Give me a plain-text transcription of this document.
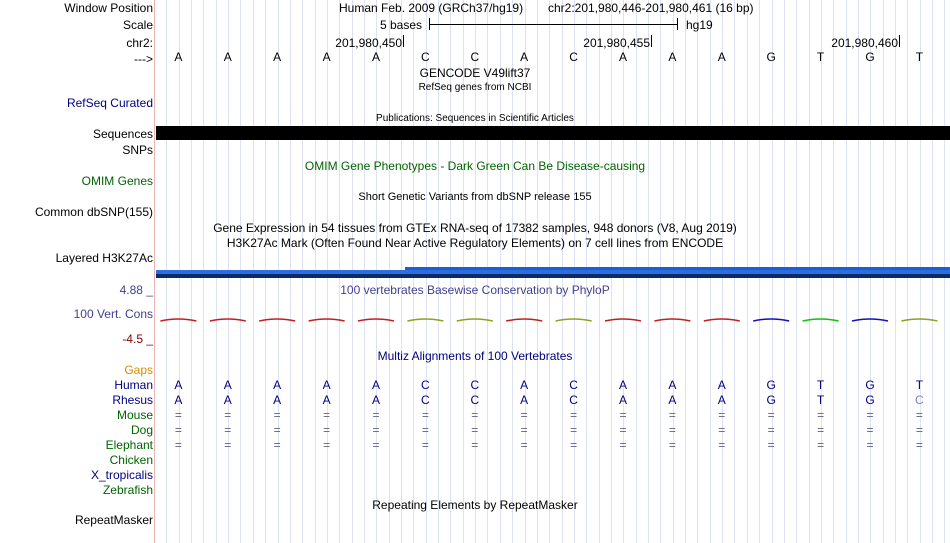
Window Position	Human Feb. 2009 (GRCh37/hg19) chr2:201,980,446-201,980,461 (16 bp)
Scale	5 bases	hg19
chr2:	201,980,450	201,980,455	201,980,460
--->	A	A	A	A	A	C	C	A	C	A	A	A	G	T	G	T
GENCODE V49lift37
RefSeq genes from NCBI
RefSeq Curated
Publications: Sequences in Scientific Articles
Sequences
SNPs
OMIM Gene Phenotypes - Dark Green Can Be Disease-causing
OMIM Genes
Short Genetic Variants from dbSNP release 155
Common dbSNP(155)
Gene Expression in 54 tissues from GTEx RNA-seq of 17382 samples, 948 donors (V8, Aug 2019)
H3K27Ac Mark (Often Found Near Active Regulatory Elements) on 7 cell lines from ENCODE
Layered H3K27Ac
4.88 _	100 vertebrates Basewise Conservation by PhyloP
100 Vert. Cons
-4.5 _
Multiz Alignments of 100 Vertebrates
Gaps
Human	A	A	A	A	A	C	C	A	C	A	A	A	G	T	G	T
Rhesus	A	A	A	A	A	C	C	A	C	A	A	A	G	T	G	C
Mouse	=	=	=	=	=	=	=	=	=	=	=	=	=	=	=	=
Dog	=	=	=	=	=	=	=	=	=	=	=	=	=	=	=	=
Elephant	=	=	=	=	=	=	=	=	=	=	=	=	=	=	=	=
Chicken
X_tropicalis
Zebrafish
Repeating Elements by RepeatMasker
RepeatMasker
